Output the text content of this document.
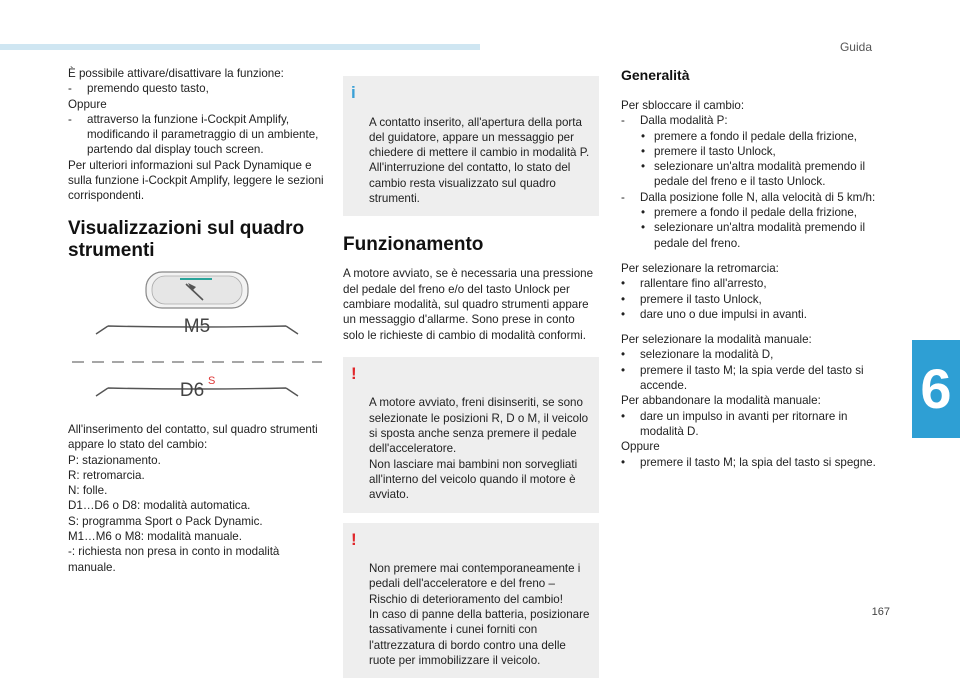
Guida
6
167

È possibile attivare/disattivare la funzione:

- premendo questo tasto,

Oppure

- attraverso la funzione i-Cockpit Amplify, modificando il parametraggio di un ambiente, partendo dal display touch screen.

Per ulteriori informazioni sul Pack Dynamique e sulla funzione i-Cockpit Amplify, leggere le sezioni corrispondenti.

Visualizzazioni sul quadro strumenti
M5
D6 S

All'inserimento del contatto, sul quadro strumenti appare lo stato del cambio:

P: stazionamento.

R: retromarcia.

N: folle.

D1…D6 o D8: modalità automatica.

S: programma Sport o Pack Dynamic.

M1…M6 o M8: modalità manuale.

-: richiesta non presa in conto in modalità manuale.

i

A contatto inserito, all'apertura della porta del guidatore, appare un messaggio per chiedere di mettere il cambio in modalità P.
All'interruzione del contatto, lo stato del cambio resta visualizzato sul quadro strumenti.

Funzionamento

A motore avviato, se è necessaria una pressione del pedale del freno e/o del tasto Unlock per cambiare modalità, sul quadro strumenti appare un messaggio d'allarme. Sono prese in conto solo le richieste di cambio di modalità conformi.

!

A motore avviato, freni disinseriti, se sono selezionate le posizioni R, D o M, il veicolo si sposta anche senza premere il pedale dell'acceleratore.
Non lasciare mai bambini non sorvegliati all'interno del veicolo quando il motore è avviato.

!

Non premere mai contemporaneamente i pedali dell'acceleratore e del freno – Rischio di deterioramento del cambio!
In caso di panne della batteria, posizionare tassativamente i cunei forniti con l'attrezzatura di bordo contro una delle ruote per immobilizzare il veicolo.

Generalità

Per sbloccare il cambio:

- Dalla modalità P:

• premere a fondo il pedale della frizione,

• premere il tasto Unlock,

• selezionare un'altra modalità premendo il pedale del freno e il tasto Unlock.

- Dalla posizione folle N, alla velocità di 5 km/h:

• premere a fondo il pedale della frizione,

• selezionare un'altra modalità premendo il pedale del freno.

Per selezionare la retromarcia:

• rallentare fino all'arresto,

• premere il tasto Unlock,

• dare uno o due impulsi in avanti.

Per selezionare la modalità manuale:

• selezionare la modalità D,

• premere il tasto M; la spia verde del tasto si accende.

Per abbandonare la modalità manuale:

• dare un impulso in avanti per ritornare in modalità D.

Oppure

• premere il tasto M; la spia del tasto si spegne.
